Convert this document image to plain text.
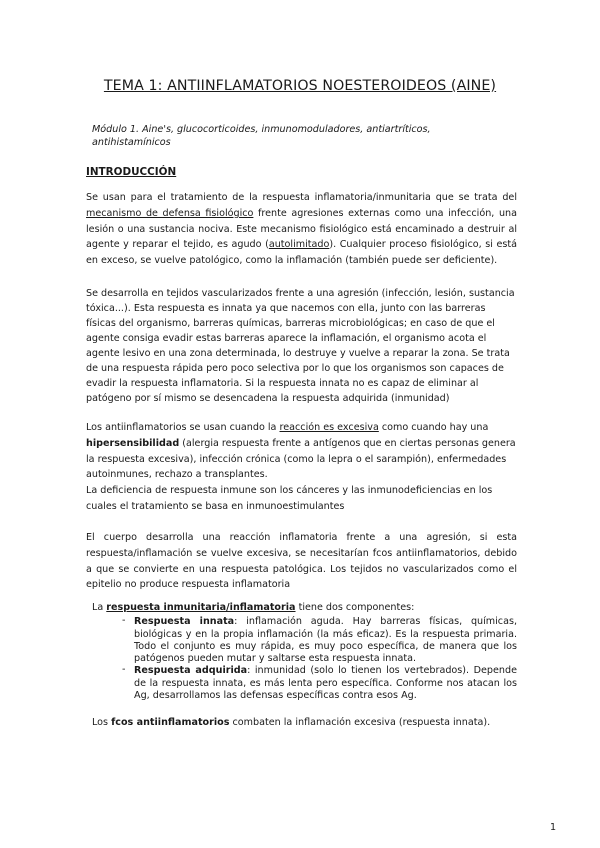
TEMA 1: ANTIINFLAMATORIOS NOESTEROIDEOS (AINE)

Módulo 1. Aine's, glucocorticoides, inmunomoduladores, antiartríticos, antihistamínicos

INTRODUCCIÓN

Se usan para el tratamiento de la respuesta inflamatoria/inmunitaria que se trata del mecanismo de defensa fisiológico frente agresiones externas como una infección, una lesión o una sustancia nociva. Este mecanismo fisiológico está encaminado a destruir al agente y reparar el tejido, es agudo (autolimitado). Cualquier proceso fisiológico, si está en exceso, se vuelve patológico, como la inflamación (también puede ser deficiente).

Se desarrolla en tejidos vascularizados frente a una agresión (infección, lesión, sustancia tóxica...). Esta respuesta es innata ya que nacemos con ella, junto con las barreras físicas del organismo, barreras químicas, barreras microbiológicas; en caso de que el agente consiga evadir estas barreras aparece la inflamación, el organismo acota el agente lesivo en una zona determinada, lo destruye y vuelve a reparar la zona. Se trata de una respuesta rápida pero poco selectiva por lo que los organismos son capaces de evadir la respuesta inflamatoria. Si la respuesta innata no es capaz de eliminar al patógeno por sí mismo se desencadena la respuesta adquirida (inmunidad)

Los antiinflamatorios se usan cuando la reacción es excesiva como cuando hay una hipersensibilidad (alergia respuesta frente a antígenos que en ciertas personas genera la respuesta excesiva), infección crónica (como la lepra o el sarampión), enfermedades autoinmunes, rechazo a transplantes.
La deficiencia de respuesta inmune son los cánceres y las inmunodeficiencias en los cuales el tratamiento se basa en inmunoestimulantes

El cuerpo desarrolla una reacción inflamatoria frente a una agresión, si esta respuesta/inflamación se vuelve excesiva, se necesitarían fcos antiinflamatorios, debido a que se convierte en una respuesta patológica. Los tejidos no vascularizados como el epitelio no produce respuesta inflamatoria

La respuesta inmunitaria/inflamatoria tiene dos componentes:
- Respuesta innata: inflamación aguda. Hay barreras físicas, químicas, biológicas y en la propia inflamación (la más eficaz). Es la respuesta primaria. Todo el conjunto es muy rápida, es muy poco específica, de manera que los patógenos pueden mutar y saltarse esta respuesta innata.
- Respuesta adquirida: inmunidad (solo lo tienen los vertebrados). Depende de la respuesta innata, es más lenta pero específica. Conforme nos atacan los Ag, desarrollamos las defensas específicas contra esos Ag.

Los fcos antiinflamatorios combaten la inflamación excesiva (respuesta innata).

1
